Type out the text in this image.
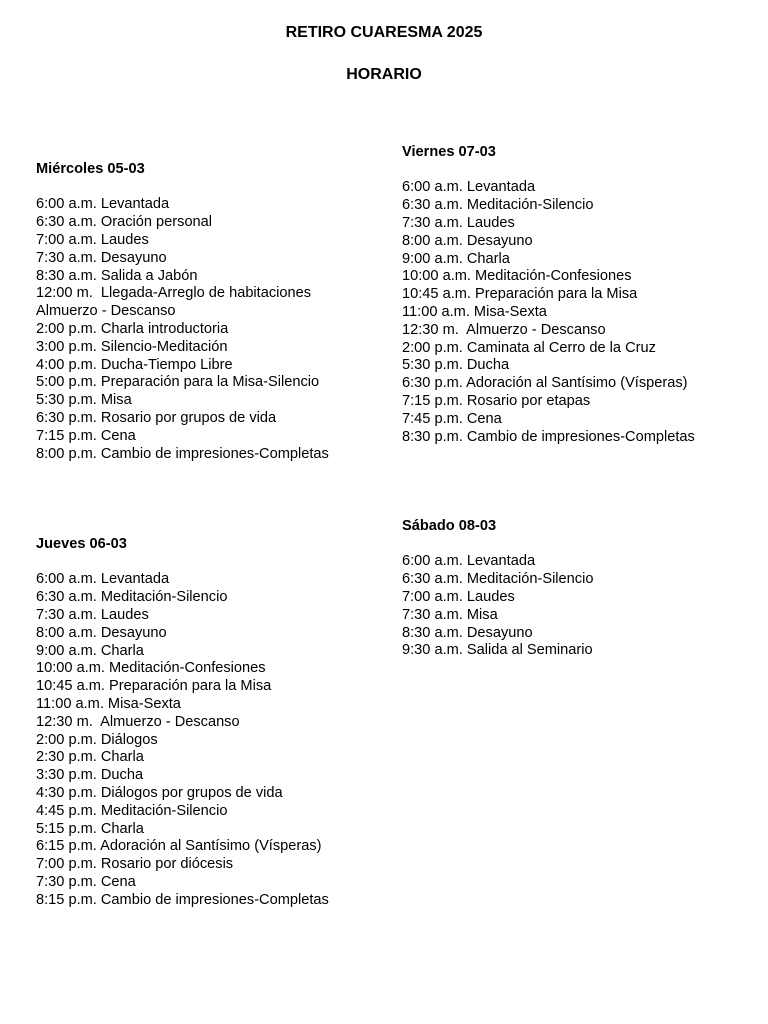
RETIRO CUARESMA 2025
HORARIO
Miércoles 05-03
6:00 a.m. Levantada
6:30 a.m. Oración personal
7:00 a.m. Laudes
7:30 a.m. Desayuno
8:30 a.m. Salida a Jabón
12:00 m.  Llegada-Arreglo de habitaciones
Almuerzo - Descanso
2:00 p.m. Charla introductoria
3:00 p.m. Silencio-Meditación
4:00 p.m. Ducha-Tiempo Libre
5:00 p.m. Preparación para la Misa-Silencio
5:30 p.m. Misa
6:30 p.m. Rosario por grupos de vida
7:15 p.m. Cena
8:00 p.m. Cambio de impresiones-Completas
Jueves 06-03
6:00 a.m. Levantada
6:30 a.m. Meditación-Silencio
7:30 a.m. Laudes
8:00 a.m. Desayuno
9:00 a.m. Charla
10:00 a.m. Meditación-Confesiones
10:45 a.m. Preparación para la Misa
11:00 a.m. Misa-Sexta
12:30 m.  Almuerzo - Descanso
2:00 p.m. Diálogos
2:30 p.m. Charla
3:30 p.m. Ducha
4:30 p.m. Diálogos por grupos de vida
4:45 p.m. Meditación-Silencio
5:15 p.m. Charla
6:15 p.m. Adoración al Santísimo (Vísperas)
7:00 p.m. Rosario por diócesis
7:30 p.m. Cena
8:15 p.m. Cambio de impresiones-Completas
Viernes 07-03
6:00 a.m. Levantada
6:30 a.m. Meditación-Silencio
7:30 a.m. Laudes
8:00 a.m. Desayuno
9:00 a.m. Charla
10:00 a.m. Meditación-Confesiones
10:45 a.m. Preparación para la Misa
11:00 a.m. Misa-Sexta
12:30 m.  Almuerzo - Descanso
2:00 p.m. Caminata al Cerro de la Cruz
5:30 p.m. Ducha
6:30 p.m. Adoración al Santísimo (Vísperas)
7:15 p.m. Rosario por etapas
7:45 p.m. Cena
8:30 p.m. Cambio de impresiones-Completas
Sábado 08-03
6:00 a.m. Levantada
6:30 a.m. Meditación-Silencio
7:00 a.m. Laudes
7:30 a.m. Misa
8:30 a.m. Desayuno
9:30 a.m. Salida al Seminario
